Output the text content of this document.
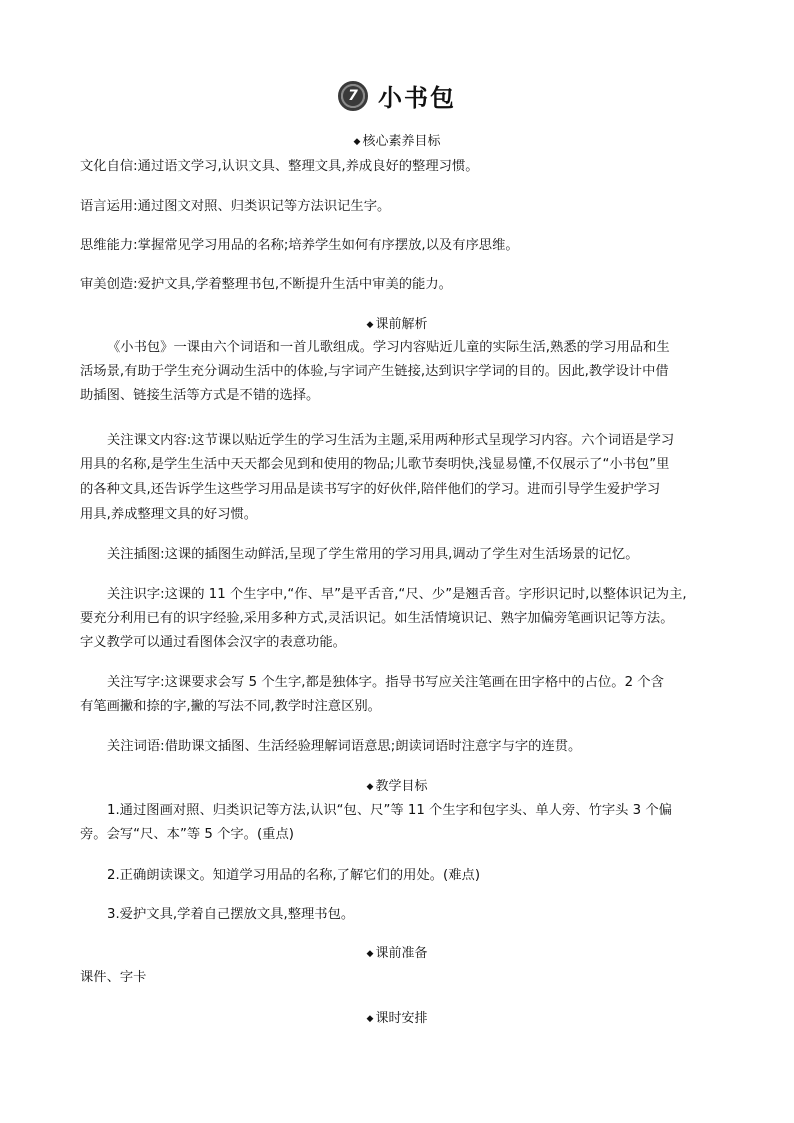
7 小书包
◆ 核心素养目标
文化自信:通过语文学习,认识文具、整理文具,养成良好的整理习惯。
语言运用:通过图文对照、归类识记等方法识记生字。
思维能力:掌握常见学习用品的名称;培养学生如何有序摆放,以及有序思维。
审美创造:爱护文具,学着整理书包,不断提升生活中审美的能力。
◆ 课前解析
《小书包》一课由六个词语和一首儿歌组成。学习内容贴近儿童的实际生活,熟悉的学习用品和生
活场景,有助于学生充分调动生活中的体验,与字词产生链接,达到识字学词的目的。因此,教学设计中借
助插图、链接生活等方式是不错的选择。
关注课文内容:这节课以贴近学生的学习生活为主题,采用两种形式呈现学习内容。六个词语是学习
用具的名称,是学生生活中天天都会见到和使用的物品;儿歌节奏明快,浅显易懂,不仅展示了“小书包”里
的各种文具,还告诉学生这些学习用品是读书写字的好伙伴,陪伴他们的学习。进而引导学生爱护学习
用具,养成整理文具的好习惯。
关注插图:这课的插图生动鲜活,呈现了学生常用的学习用具,调动了学生对生活场景的记忆。
关注识字:这课的 11 个生字中,“作、早”是平舌音,“尺、少”是翘舌音。字形识记时,以整体识记为主,
要充分利用已有的识字经验,采用多种方式,灵活识记。如生活情境识记、熟字加偏旁笔画识记等方法。
字义教学可以通过看图体会汉字的表意功能。
关注写字:这课要求会写 5 个生字,都是独体字。指导书写应关注笔画在田字格中的占位。2 个含
有笔画撇和捺的字,撇的写法不同,教学时注意区别。
关注词语:借助课文插图、生活经验理解词语意思;朗读词语时注意字与字的连贯。
◆ 教学目标
1.通过图画对照、归类识记等方法,认识“包、尺”等 11 个生字和包字头、单人旁、竹字头 3 个偏
旁。会写“尺、本”等 5 个字。(重点)
2.正确朗读课文。知道学习用品的名称,了解它们的用处。(难点)
3.爱护文具,学着自己摆放文具,整理书包。
◆ 课前准备
课件、字卡
◆ 课时安排
